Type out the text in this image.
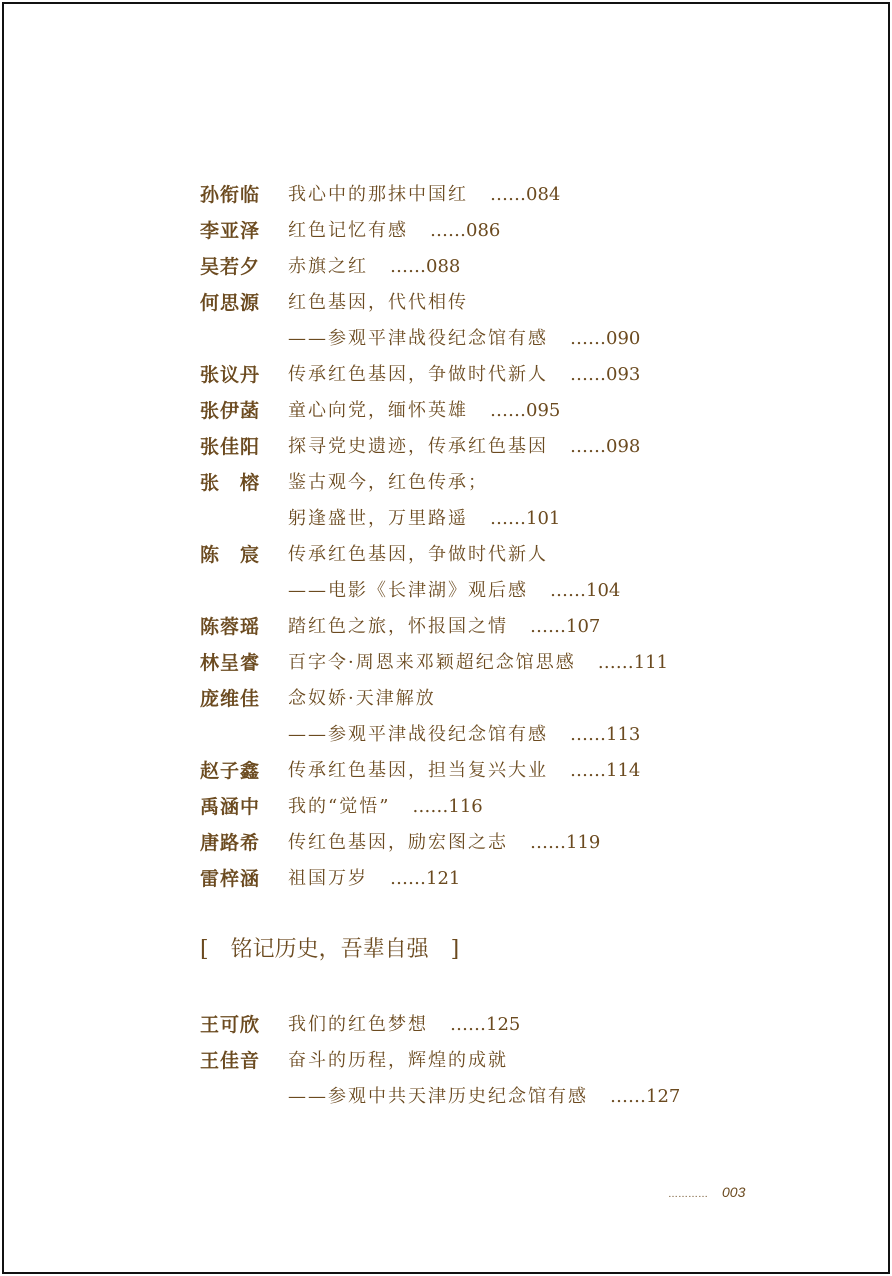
孙衔临	我心中的那抹中国红 ……084
李亚泽	红色记忆有感 ……086
吴若夕	赤旗之红 ……088
何思源	红色基因，代代相传
——参观平津战役纪念馆有感 ……090
张议丹	传承红色基因，争做时代新人 ……093
张伊菡	童心向党，缅怀英雄 ……095
张佳阳	探寻党史遗迹，传承红色基因 ……098
张　榕	鉴古观今，红色传承；
躬逢盛世，万里路遥 ……101
陈　宸	传承红色基因，争做时代新人
——电影《长津湖》观后感 ……104
陈蓉瑶	踏红色之旅，怀报国之情 ……107
林呈睿	百字令·周恩来邓颖超纪念馆思感 ……111
庞维佳	念奴娇·天津解放
——参观平津战役纪念馆有感 ……113
赵子鑫	传承红色基因，担当复兴大业 ……114
禹涵中	我的“觉悟” ……116
唐路希	传红色基因，励宏图之志 ……119
雷梓涵	祖国万岁 ……121
王可欣	我们的红色梦想 ……125
王佳音	奋斗的历程，辉煌的成就
——参观中共天津历史纪念馆有感 ……127
[　铭记历史，吾辈自强　]
………… 003
